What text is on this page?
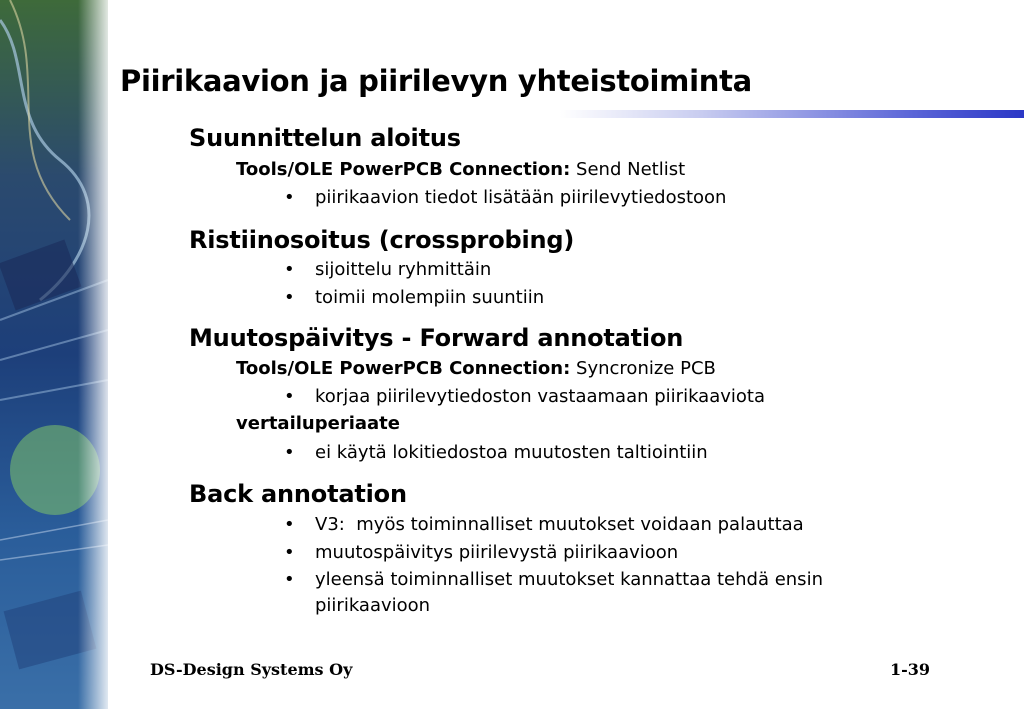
Piirikaavion ja piirilevyn yhteistoiminta
Suunnittelun aloitus
Tools/OLE PowerPCB Connection: Send Netlist
• piirikaavion tiedot lisätään piirilevytiedostoon
Ristiinosoitus (crossprobing)
• sijoittelu ryhmittäin
• toimii molempiin suuntiin
Muutospäivitys - Forward annotation
Tools/OLE PowerPCB Connection: Syncronize PCB
• korjaa piirilevytiedoston vastaamaan piirikaaviota
vertailuperiaate
• ei käytä lokitiedostoa muutosten taltiointiin
Back annotation
• V3:  myös toiminnalliset muutokset voidaan palauttaa
• muutospäivitys piirilevystä piirikaavioon
• yleensä toiminnalliset muutokset kannattaa tehdä ensin piirikaavioon
DS-Design Systems Oy	1-39
